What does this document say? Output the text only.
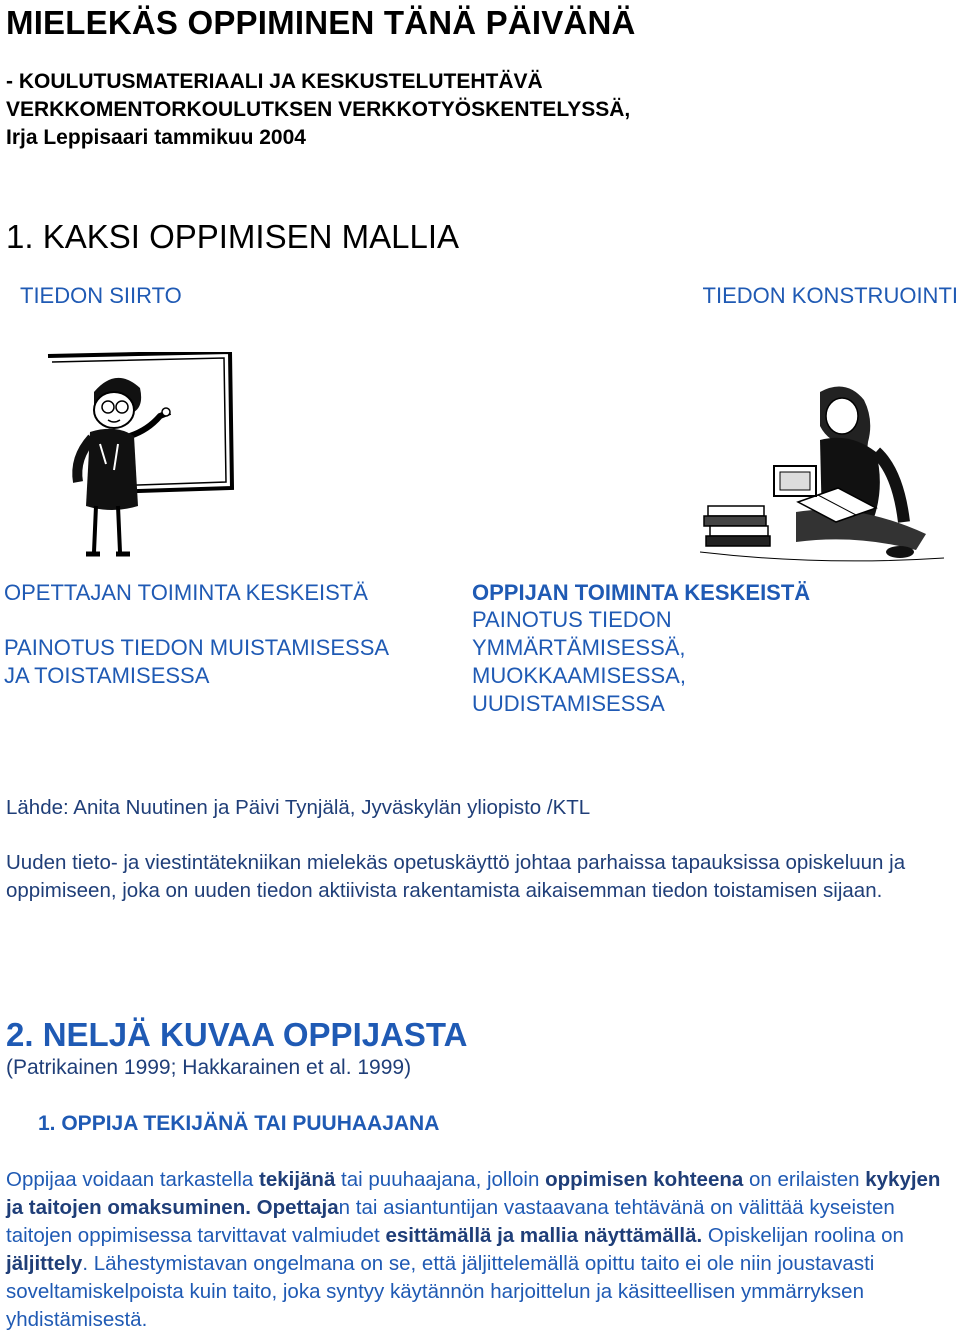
MIELEKÄS OPPIMINEN TÄNÄ PÄIVÄNÄ
- KOULUTUSMATERIAALI JA KESKUSTELUTEHTÄVÄ
VERKKOMENTORKOULUTKSEN VERKKOTYÖSKENTELYSSÄ,
Irja Leppisaari tammikuu 2004
1. KAKSI OPPIMISEN MALLIA
TIEDON SIIRTO	TIEDON KONSTRUOINTI
OPETTAJAN TOIMINTA KESKEISTÄ
PAINOTUS TIEDON MUISTAMISESSA
JA TOISTAMISESSA
OPPIJAN TOIMINTA KESKEISTÄ
PAINOTUS TIEDON
YMMÄRTÄMISESSÄ,
MUOKKAAMISESSA,
UUDISTAMISESSA
Lähde: Anita Nuutinen ja Päivi Tynjälä, Jyväskylän yliopisto /KTL
Uuden tieto- ja viestintätekniikan mielekäs opetuskäyttö johtaa parhaissa tapauksissa opiskeluun ja oppimiseen, joka on uuden tiedon aktiivista rakentamista aikaisemman tiedon toistamisen sijaan.
2. NELJÄ KUVAA OPPIJASTA
(Patrikainen 1999; Hakkarainen et al. 1999)
1. OPPIJA TEKIJÄNÄ TAI PUUHAAJANA
Oppijaa voidaan tarkastella tekijänä tai puuhaajana, jolloin oppimisen kohteena on erilaisten kykyjen ja taitojen omaksuminen. Opettajan tai asiantuntijan vastaavana tehtävänä on välittää kyseisten taitojen oppimisessa tarvittavat valmiudet esittämällä ja mallia näyttämällä. Opiskelijan roolina on jäljittely. Lähestymistavan ongelmana on se, että jäljittelemällä opittu taito ei ole niin joustavasti soveltamiskelpoista kuin taito, joka syntyy käytännön harjoittelun ja käsitteellisen ymmärryksen yhdistämisestä.
